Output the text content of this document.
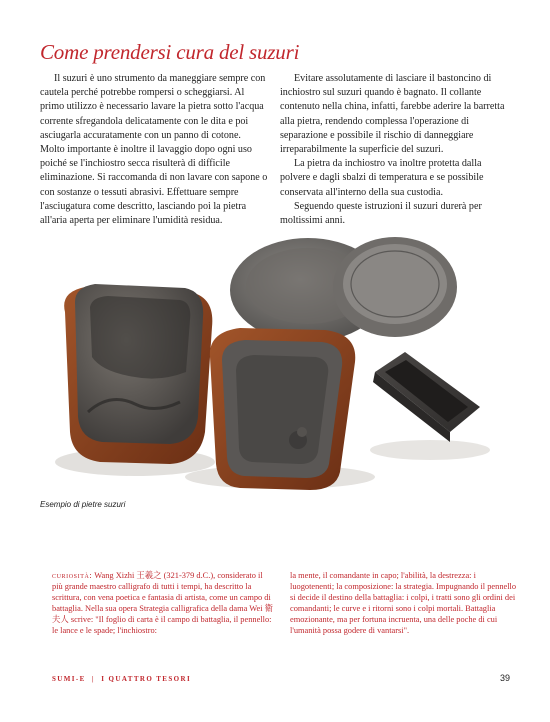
Come prendersi cura del suzuri

Il suzuri è uno strumento da maneggiare sempre con cautela perché potrebbe rompersi o scheggiarsi. Al primo utilizzo è necessario lavare la pietra sotto l'acqua corrente sfregandola delicatamente con le dita e poi asciugarla accuratamente con un panno di cotone. Molto importante è inoltre il lavaggio dopo ogni uso poiché se l'inchiostro secca risulterà di difficile eliminazione. Si raccomanda di non lavare con sapone o con sostanze o tessuti abrasivi. Effettuare sempre l'asciugatura come descritto, lasciando poi la pietra all'aria aperta per eliminare l'umidità residua.

Evitare assolutamente di lasciare il bastoncino di inchiostro sul suzuri quando è bagnato. Il collante contenuto nella china, infatti, farebbe aderire la barretta alla pietra, rendendo complessa l'operazione di separazione e possibile il rischio di danneggiare irreparabilmente la superficie del suzuri.

La pietra da inchiostro va inoltre protetta dalla polvere e dagli sbalzi di temperatura e se possibile conservata all'interno della sua custodia.

Seguendo queste istruzioni il suzuri durerà per moltissimi anni.

Esempio di pietre suzuri
curiosità: Wang Xizhi 王羲之 (321-379 d.C.), considerato il più grande maestro calligrafo di tutti i tempi, ha descritto la scrittura, con vena poetica e fantasia di artista, come un campo di battaglia. Nella sua opera Strategia calligrafica della dama Wei 衛夫人 scrive: "Il foglio di carta è il campo di battaglia, il pennello: le lance e le spade; l'inchiostro:
la mente, il comandante in capo; l'abilità, la destrezza: i luogotenenti; la composizione: la strategia. Impugnando il pennello si decide il destino della battaglia: i colpi, i tratti sono gli ordini dei comandanti; le curve e i ritorni sono i colpi mortali. Battaglia emozionante, ma per fortuna incruenta, una delle poche di cui l'umanità possa godere di vantarsi".
SUMI-E | I QUATTRO TESORI	39
